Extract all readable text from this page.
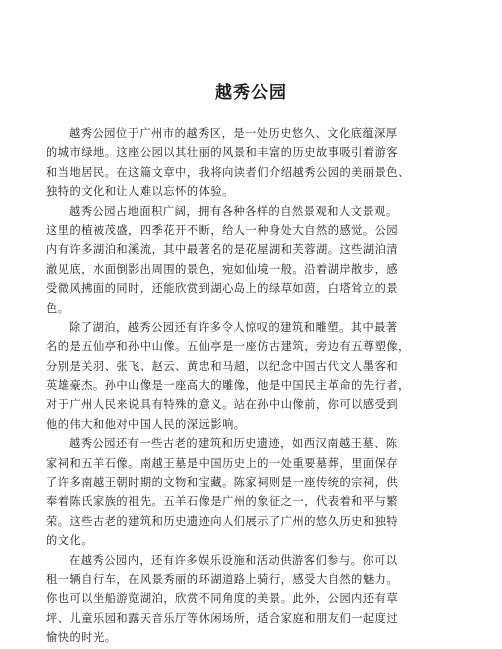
越秀公园
越秀公园位于广州市的越秀区，是一处历史悠久、文化底蕴深厚
的城市绿地。这座公园以其壮丽的风景和丰富的历史故事吸引着游客
和当地居民。在这篇文章中，我将向读者们介绍越秀公园的美丽景色、
独特的文化和让人难以忘怀的体验。
越秀公园占地面积广阔，拥有各种各样的自然景观和人文景观。
这里的植被茂盛，四季花开不断，给人一种身处大自然的感觉。公园
内有许多湖泊和溪流，其中最著名的是花屋湖和芙蓉湖。这些湖泊清
澈见底，水面倒影出周围的景色，宛如仙境一般。沿着湖岸散步，感
受微风拂面的同时，还能欣赏到湖心岛上的绿草如茵，白塔耸立的景
色。
除了湖泊，越秀公园还有许多令人惊叹的建筑和雕塑。其中最著
名的是五仙亭和孙中山像。五仙亭是一座仿古建筑，旁边有五尊塑像，
分别是关羽、张飞、赵云、黄忠和马超，以纪念中国古代文人墨客和
英雄豪杰。孙中山像是一座高大的雕像，他是中国民主革命的先行者，
对于广州人民来说具有特殊的意义。站在孙中山像前，你可以感受到
他的伟大和他对中国人民的深远影响。
越秀公园还有一些古老的建筑和历史遗迹，如西汉南越王墓、陈
家祠和五羊石像。南越王墓是中国历史上的一处重要墓葬，里面保存
了许多南越王朝时期的文物和宝藏。陈家祠则是一座传统的宗祠，供
奉着陈氏家族的祖先。五羊石像是广州的象征之一，代表着和平与繁
荣。这些古老的建筑和历史遗迹向人们展示了广州的悠久历史和独特
的文化。
在越秀公园内，还有许多娱乐设施和活动供游客们参与。你可以
租一辆自行车，在风景秀丽的环湖道路上骑行，感受大自然的魅力。
你也可以坐船游览湖泊，欣赏不同角度的美景。此外，公园内还有草
坪、儿童乐园和露天音乐厅等休闲场所，适合家庭和朋友们一起度过
愉快的时光。
